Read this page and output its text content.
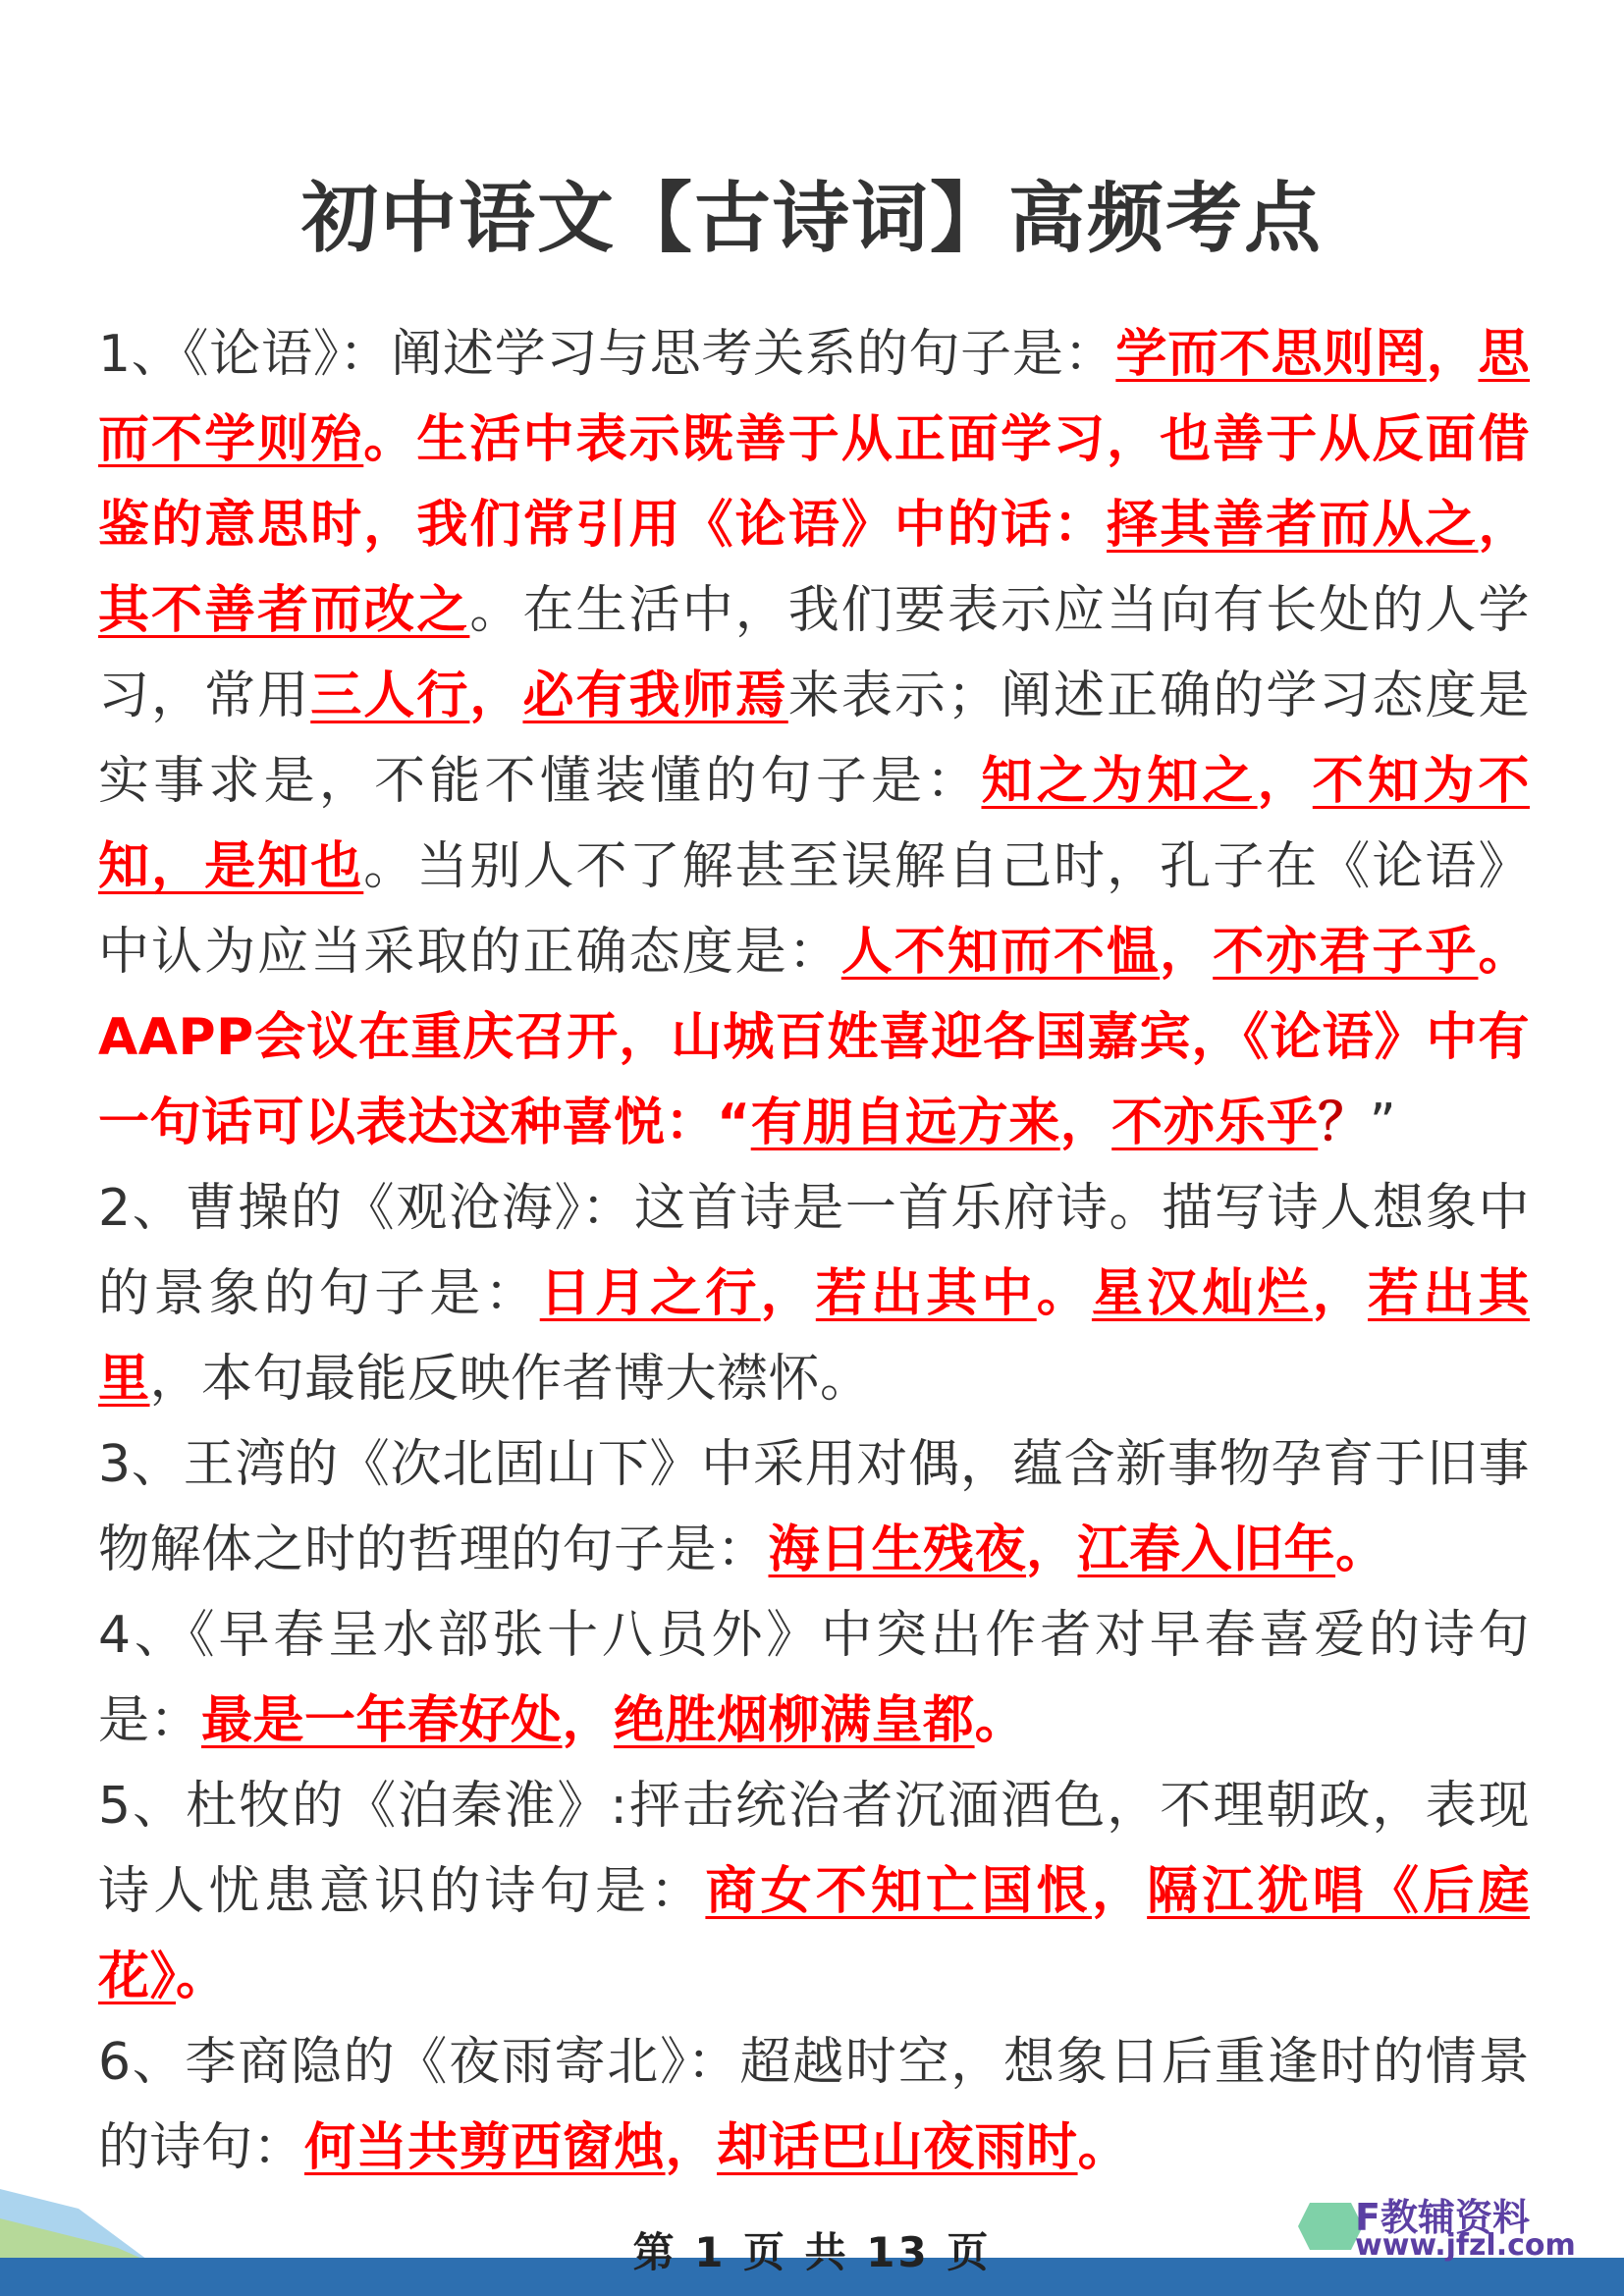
初中语文【古诗词】高频考点

1、《论语》：阐述学习与思考关系的句子是：学而不思则罔，思而不学则殆。生活中表示既善于从正面学习，也善于从反面借鉴的意思时，我们常引用《论语》中的话：择其善者而从之，其不善者而改之。在生活中，我们要表示应当向有长处的人学习，常用三人行，必有我师焉来表示；阐述正确的学习态度是实事求是，不能不懂装懂的句子是：知之为知之，不知为不知，是知也。当别人不了解甚至误解自己时，孔子在《论语》中认为应当采取的正确态度是：人不知而不愠，不亦君子乎。AAPP会议在重庆召开，山城百姓喜迎各国嘉宾，《论语》中有一句话可以表达这种喜悦：“有朋自远方来，不亦乐乎？”

2、曹操的《观沧海》：这首诗是一首乐府诗。描写诗人想象中的景象的句子是：日月之行，若出其中。星汉灿烂，若出其里，本句最能反映作者博大襟怀。

3、王湾的《次北固山下》中采用对偶，蕴含新事物孕育于旧事物解体之时的哲理的句子是：海日生残夜，江春入旧年。

4、《早春呈水部张十八员外》中突出作者对早春喜爱的诗句是：最是一年春好处，绝胜烟柳满皇都。

5、杜牧的《泊秦淮》:抨击统治者沉湎酒色，不理朝政，表现诗人忧患意识的诗句是：商女不知亡国恨，隔江犹唱《后庭花》。

6、李商隐的《夜雨寄北》：超越时空，想象日后重逢时的情景的诗句：何当共剪西窗烛，却话巴山夜雨时。

第 1 页 共 13 页
F教辅资料
www.jfzl.com
